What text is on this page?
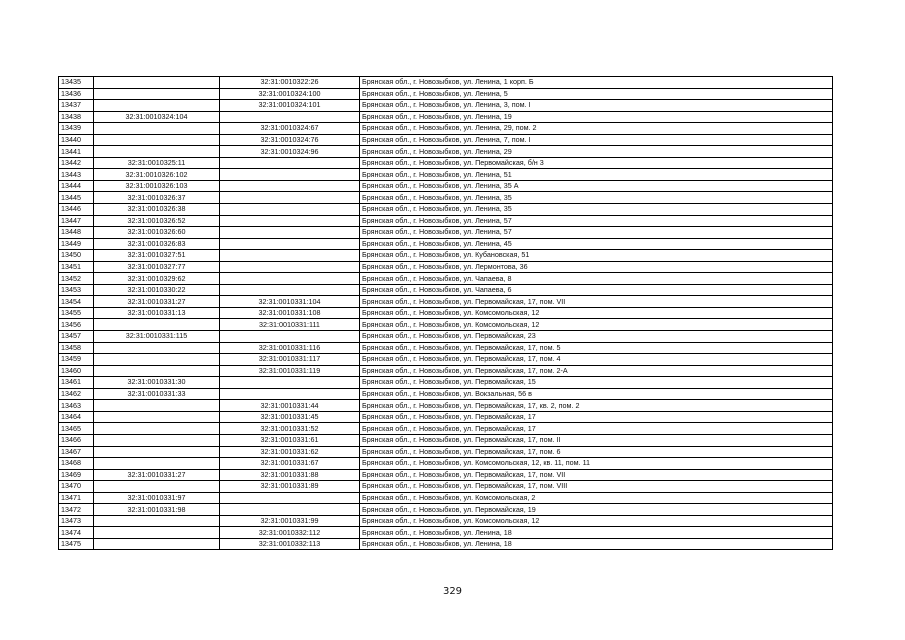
13435		32:31:0010322:26	Брянская обл., г. Новозыбков, ул. Ленина, 1 корп. Б
13436		32:31:0010324:100	Брянская обл., г. Новозыбков, ул. Ленина, 5
13437		32:31:0010324:101	Брянская обл., г. Новозыбков, ул. Ленина, 3, пом. I
13438	32:31:0010324:104		Брянская обл., г. Новозыбков, ул. Ленина, 19
13439		32:31:0010324:67	Брянская обл., г. Новозыбков, ул. Ленина, 29, пом. 2
13440		32:31:0010324:76	Брянская обл., г. Новозыбков, ул. Ленина, 7, пом. I
13441		32:31:0010324:96	Брянская обл., г. Новозыбков, ул. Ленина, 29
13442	32:31:0010325:11		Брянская обл., г. Новозыбков, ул. Первомайская, б/н 3
13443	32:31:0010326:102		Брянская обл., г. Новозыбков, ул. Ленина, 51
13444	32:31:0010326:103		Брянская обл., г. Новозыбков, ул. Ленина, 35 А
13445	32:31:0010326:37		Брянская обл., г. Новозыбков, ул. Ленина, 35
13446	32:31:0010326:38		Брянская обл., г. Новозыбков, ул. Ленина, 35
13447	32:31:0010326:52		Брянская обл., г. Новозыбков, ул. Ленина, 57
13448	32:31:0010326:60		Брянская обл., г. Новозыбков, ул. Ленина, 57
13449	32:31:0010326:83		Брянская обл., г. Новозыбков, ул. Ленина, 45
13450	32:31:0010327:51		Брянская обл., г. Новозыбков, ул. Кубановская, 51
13451	32:31:0010327:77		Брянская обл., г. Новозыбков, ул. Лермонтова, 36
13452	32:31:0010329:62		Брянская обл., г. Новозыбков, ул. Чапаева, 8
13453	32:31:0010330:22		Брянская обл., г. Новозыбков, ул. Чапаева, 6
13454	32:31:0010331:27	32:31:0010331:104	Брянская обл., г. Новозыбков, ул. Первомайская, 17, пом. VII
13455	32:31:0010331:13	32:31:0010331:108	Брянская обл., г. Новозыбков, ул. Комсомольская, 12
13456		32:31:0010331:111	Брянская обл., г. Новозыбков, ул. Комсомольская, 12
13457	32:31:0010331:115		Брянская обл., г. Новозыбков, ул. Первомайская, 23
13458		32:31:0010331:116	Брянская обл., г. Новозыбков, ул. Первомайская, 17, пом. 5
13459		32:31:0010331:117	Брянская обл., г. Новозыбков, ул. Первомайская, 17, пом. 4
13460		32:31:0010331:119	Брянская обл., г. Новозыбков, ул. Первомайская, 17, пом. 2-А
13461	32:31:0010331:30		Брянская обл., г. Новозыбков, ул. Первомайская, 15
13462	32:31:0010331:33		Брянская обл., г. Новозыбков, ул. Вокзальная, 56 в
13463		32:31:0010331:44	Брянская обл., г. Новозыбков, ул. Первомайская, 17, кв. 2, пом. 2
13464		32:31:0010331:45	Брянская обл., г. Новозыбков, ул. Первомайская, 17
13465		32:31:0010331:52	Брянская обл., г. Новозыбков, ул. Первомайская, 17
13466		32:31:0010331:61	Брянская обл., г. Новозыбков, ул. Первомайская, 17, пом. II
13467		32:31:0010331:62	Брянская обл., г. Новозыбков, ул. Первомайская, 17, пом. 6
13468		32:31:0010331:67	Брянская обл., г. Новозыбков, ул. Комсомольская, 12, кв. 11, пом. 11
13469	32:31:0010331:27	32:31:0010331:88	Брянская обл., г. Новозыбков, ул. Первомайская, 17, пом. VII
13470		32:31:0010331:89	Брянская обл., г. Новозыбков, ул. Первомайская, 17, пом. VIII
13471	32:31:0010331:97		Брянская обл., г. Новозыбков, ул. Комсомольская, 2
13472	32:31:0010331:98		Брянская обл., г. Новозыбков, ул. Первомайская, 19
13473		32:31:0010331:99	Брянская обл., г. Новозыбков, ул. Комсомольская, 12
13474		32:31:0010332:112	Брянская обл., г. Новозыбков, ул. Ленина, 18
13475		32:31:0010332:113	Брянская обл., г. Новозыбков, ул. Ленина, 18
329
